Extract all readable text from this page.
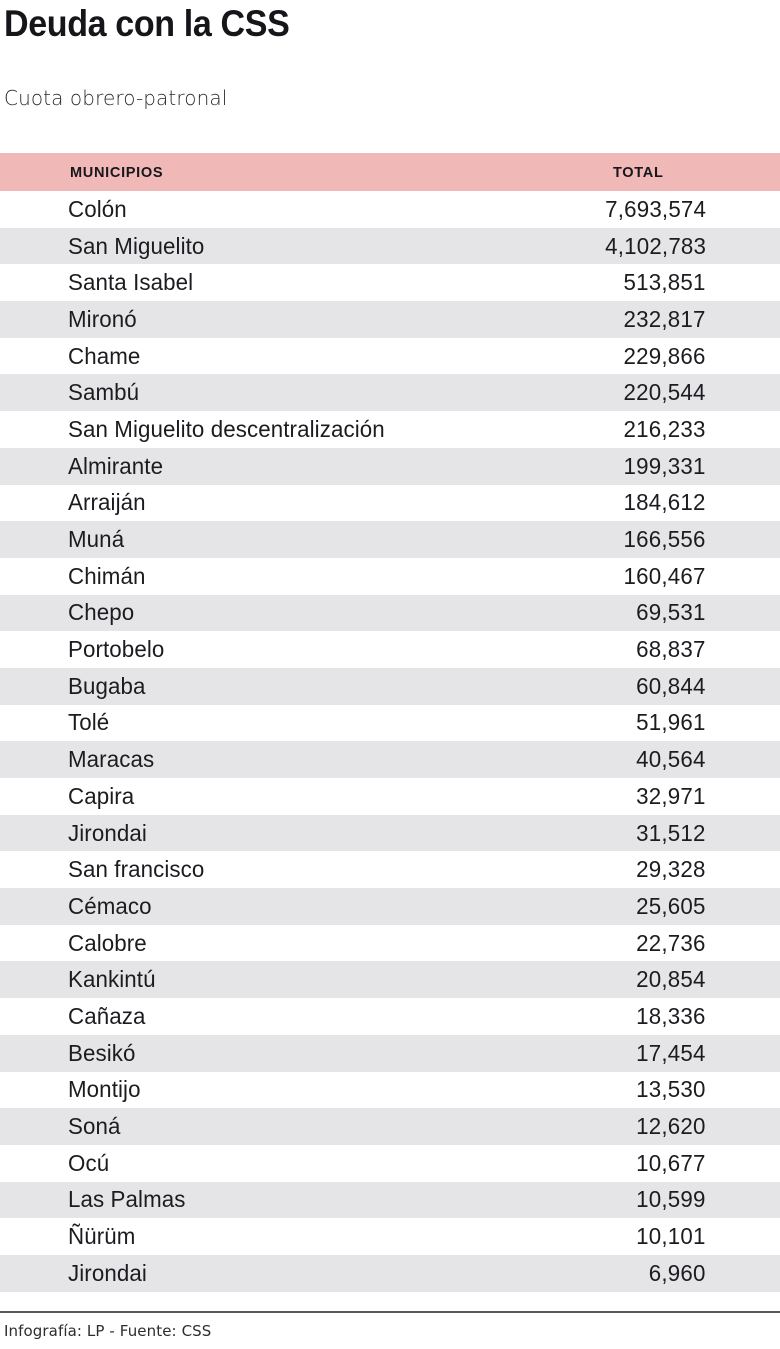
Deuda con la CSS
Cuota obrero-patronal
MUNICIPIOS	TOTAL
Colón	7,693,574
San Miguelito	4,102,783
Santa Isabel	513,851
Mironó	232,817
Chame	229,866
Sambú	220,544
San Miguelito descentralización	216,233
Almirante	199,331
Arraiján	184,612
Muná	166,556
Chimán	160,467
Chepo	69,531
Portobelo	68,837
Bugaba	60,844
Tolé	51,961
Maracas	40,564
Capira	32,971
Jirondai	31,512
San francisco	29,328
Cémaco	25,605
Calobre	22,736
Kankintú	20,854
Cañaza	18,336
Besikó	17,454
Montijo	13,530
Soná	12,620
Ocú	10,677
Las Palmas	10,599
Ñürüm	10,101
Jirondai	6,960
Infografía: LP - Fuente: CSS
